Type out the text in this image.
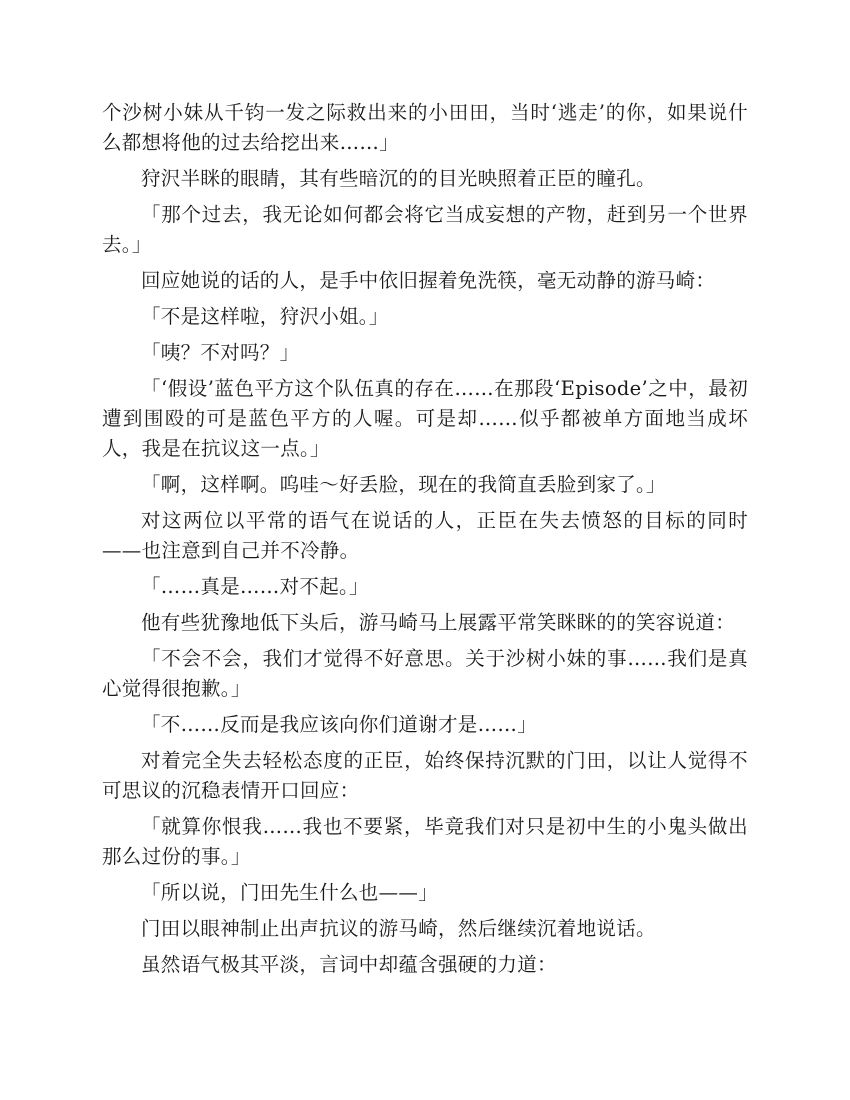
个沙树小妹从千钧一发之际救出来的小田田，当时‘逃走’的你，如果说什么都想将他的过去给挖出来……」

狩沢半眯的眼睛，其有些暗沉的的目光映照着正臣的瞳孔。

「那个过去，我无论如何都会将它当成妄想的产物，赶到另一个世界去。」

回应她说的话的人，是手中依旧握着免洗筷，毫无动静的游马崎：

「不是这样啦，狩沢小姐。」

「咦？不对吗？」

「‘假设’蓝色平方这个队伍真的存在……在那段‘Episode’之中，最初遭到围殴的可是蓝色平方的人喔。可是却……似乎都被单方面地当成坏人，我是在抗议这一点。」

「啊，这样啊。呜哇～好丢脸，现在的我简直丢脸到家了。」

对这两位以平常的语气在说话的人，正臣在失去愤怒的目标的同时——也注意到自己并不冷静。

「……真是……对不起。」

他有些犹豫地低下头后，游马崎马上展露平常笑眯眯的的笑容说道：

「不会不会，我们才觉得不好意思。关于沙树小妹的事……我们是真心觉得很抱歉。」

「不……反而是我应该向你们道谢才是……」

对着完全失去轻松态度的正臣，始终保持沉默的门田，以让人觉得不可思议的沉稳表情开口回应：

「就算你恨我……我也不要紧，毕竟我们对只是初中生的小鬼头做出那么过份的事。」

「所以说，门田先生什么也——」

门田以眼神制止出声抗议的游马崎，然后继续沉着地说话。

虽然语气极其平淡，言词中却蕴含强硬的力道：
